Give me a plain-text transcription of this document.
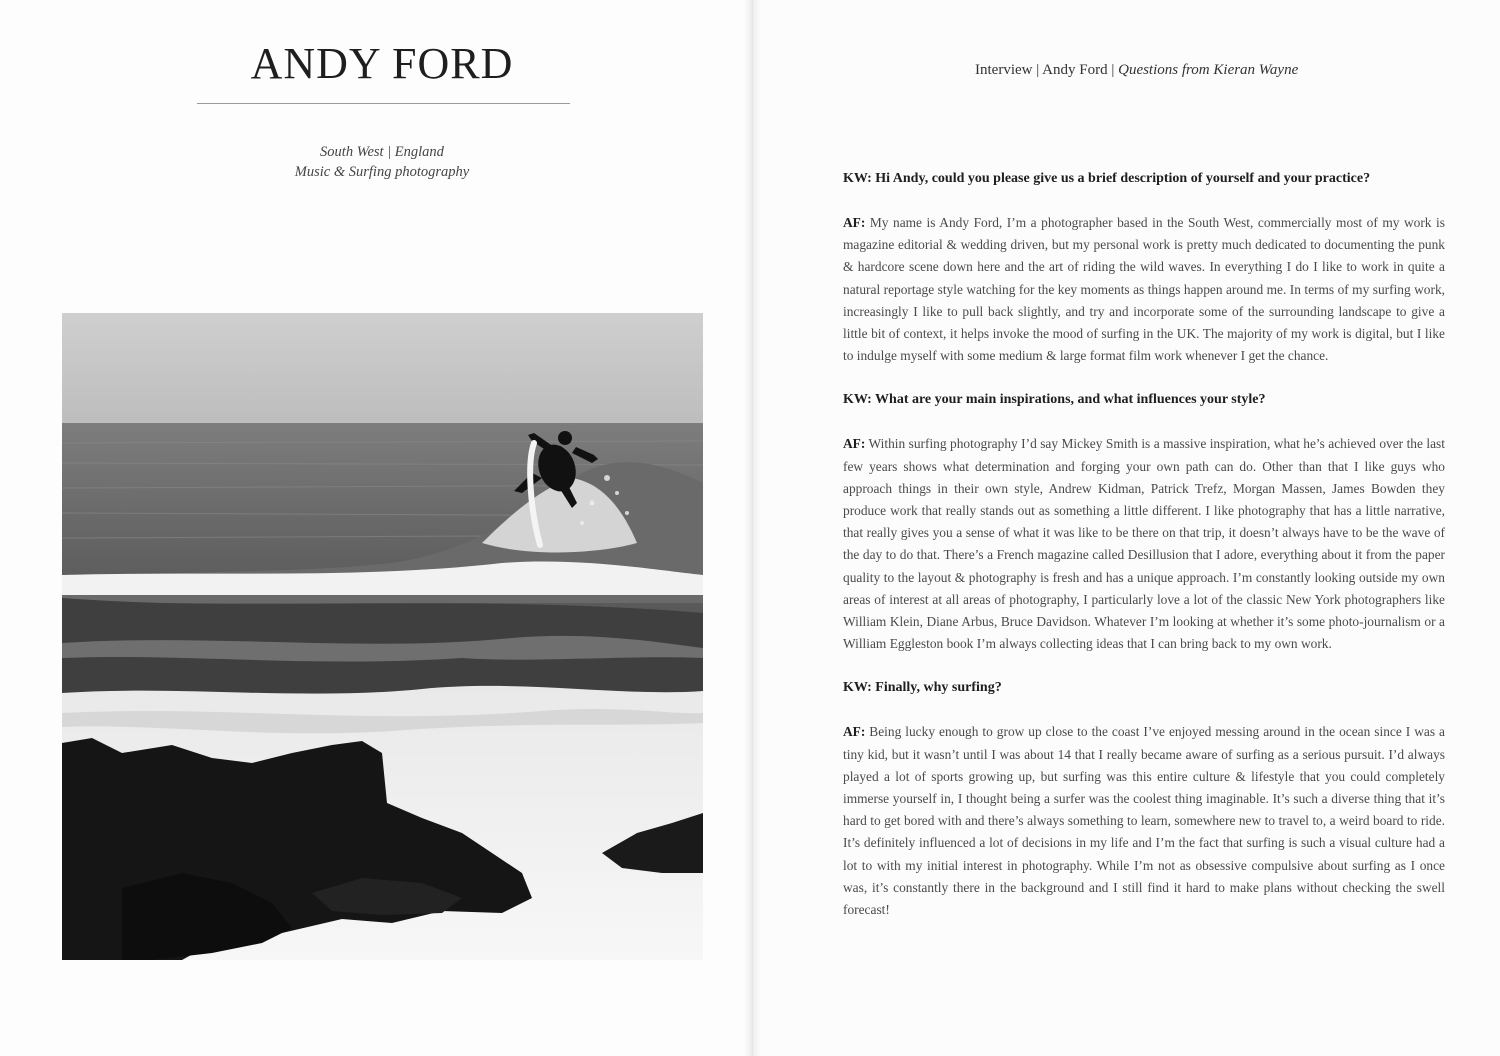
ANDY FORD
South West | England
Music & Surfing photography
Interview | Andy Ford | Questions from Kieran Wayne

KW: Hi Andy, could you please give us a brief description of yourself and your practice?

AF: My name is Andy Ford, I’m a photographer based in the South West, commercially most of my work is magazine editorial & wedding driven, but my personal work is pretty much dedicated to documenting the punk & hardcore scene down here and the art of riding the wild waves. In everything I do I like to work in quite a natural reportage style watching for the key moments as things happen around me. In terms of my surfing work, increasingly I like to pull back slightly, and try and incorporate some of the surrounding landscape to give a little bit of context, it helps invoke the mood of surfing in the UK. The majority of my work is digital, but I like to indulge myself with some medium & large format film work whenever I get the chance.

KW: What are your main inspirations, and what influences your style?

AF: Within surfing photography I’d say Mickey Smith is a massive inspiration, what he’s achieved over the last few years shows what determination and forging your own path can do. Other than that I like guys who approach things in their own style, Andrew Kidman, Patrick Trefz, Morgan Massen, James Bowden they produce work that really stands out as something a little different. I like photography that has a little narrative, that really gives you a sense of what it was like to be there on that trip, it doesn’t always have to be the wave of the day to do that. There’s a French magazine called Desillusion that I adore, everything about it from the paper quality to the layout & photography is fresh and has a unique approach. I’m constantly looking outside my own areas of interest at all areas of photography, I particularly love a lot of the classic New York photographers like William Klein, Diane Arbus, Bruce Davidson. Whatever I’m looking at whether it’s some photo-journalism or a William Eggleston book I’m always collecting ideas that I can bring back to my own work.

KW: Finally, why surfing?

AF: Being lucky enough to grow up close to the coast I’ve enjoyed messing around in the ocean since I was a tiny kid, but it wasn’t until I was about 14 that I really became aware of surfing as a serious pursuit. I’d always played a lot of sports growing up, but surfing was this entire culture & lifestyle that you could completely immerse yourself in, I thought being a surfer was the coolest thing imaginable. It’s such a diverse thing that it’s hard to get bored with and there’s always something to learn, somewhere new to travel to, a weird board to ride. It’s definitely influenced a lot of decisions in my life and I’m the fact that surfing is such a visual culture had a lot to with my initial interest in photography. While I’m not as obsessive compulsive about surfing as I once was, it’s constantly there in the background and I still find it hard to make plans without checking the swell forecast!
